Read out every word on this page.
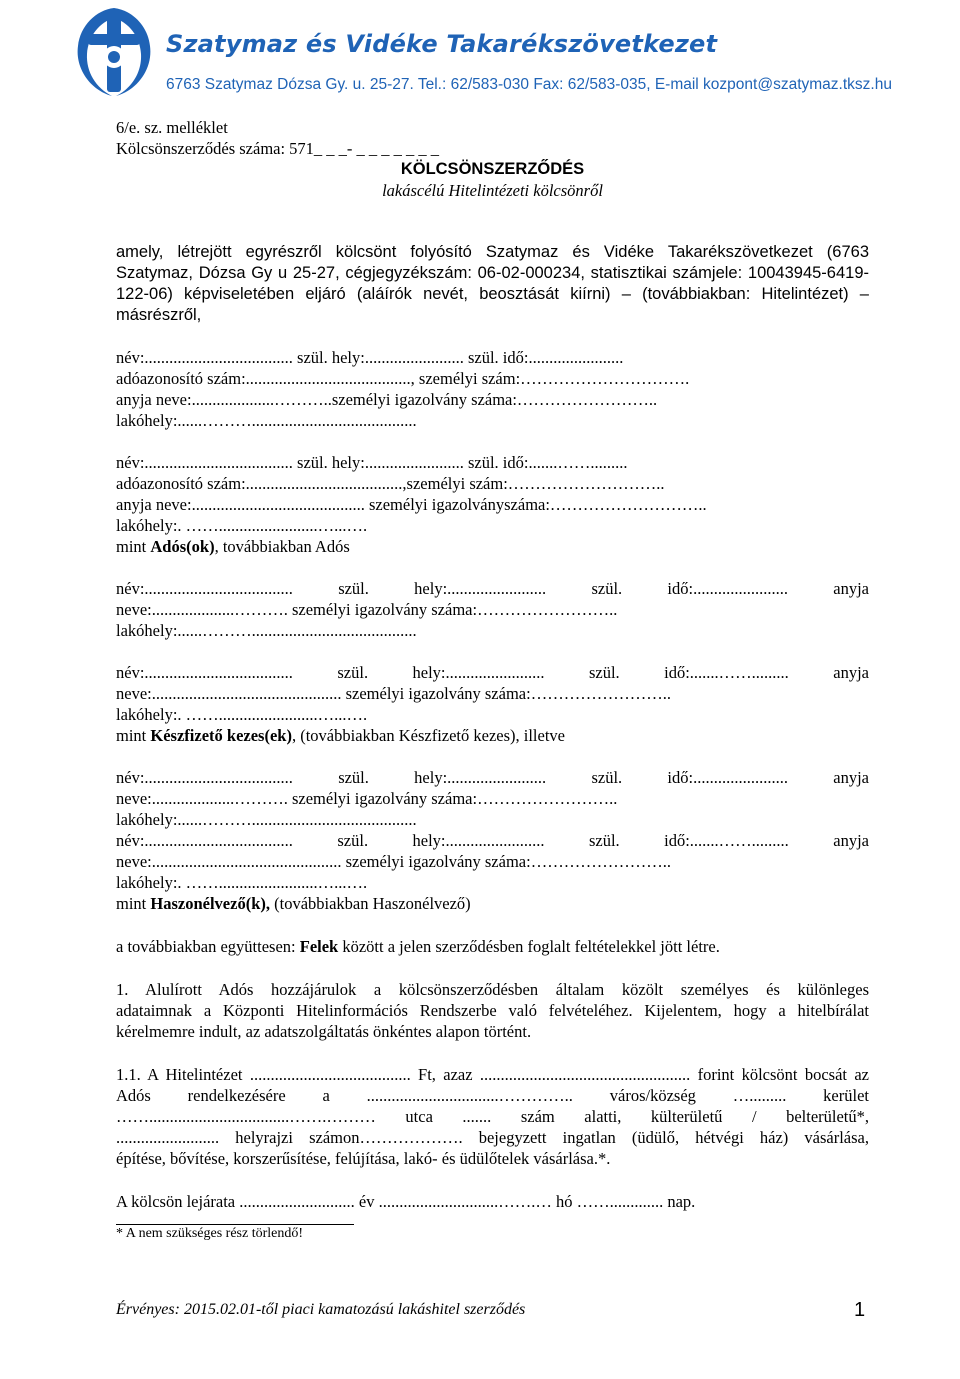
Szatymaz és Vidéke Takarékszövetkezet
6763 Szatymaz Dózsa Gy. u. 25-27. Tel.: 62/583-030 Fax: 62/583-035, E-mail kozpont@szatymaz.tksz.hu

6/e. sz. melléklet

Kölcsönszerződés száma: 571_ _ _- _ _ _ _ _ _ _

KÖLCSÖNSZERZŐDÉS

lakáscélú Hitelintézeti kölcsönről

amely, létrejött egyrészről kölcsönt folyósító Szatymaz és Vidéke Takarékszövetkezet (6763

Szatymaz, Dózsa Gy u 25-27, cégjegyzékszám: 06-02-000234, statisztikai számjele: 10043945-6419-

122-06) képviseletében eljáró (aláírók nevét, beosztását kiírni) – (továbbiakban: Hitelintézet) –

másrészről,

név:.................................... szül. hely:........................ szül. idő:.......................

adóazonosító szám:........................................, személyi szám:………………………….

anyja neve:....................………..személyi igazolvány száma:……………………..

lakóhely:......………........................................

név:.................................... szül. hely:........................ szül. idő:.......…….........

adóazonosító szám:......................................,személyi szám:………………………..

anyja neve:.......................................... személyi igazolványszáma:………………………..

lakóhely:. ……........................…...….

mint Adós(ok), továbbiakban Adós

név:.................................... szül. hely:........................ szül. idő:....................... anyja

neve:....................………. személyi igazolvány száma:……………………..

lakóhely:......………........................................

név:.................................... szül. hely:........................ szül. idő:.......……......... anyja

neve:.............................................. személyi igazolvány száma:……………………..

lakóhely:. ……........................…...….

mint Készfizető kezes(ek), (továbbiakban Készfizető kezes), illetve

név:.................................... szül. hely:........................ szül. idő:....................... anyja

neve:....................………. személyi igazolvány száma:……………………..

lakóhely:......………........................................

név:.................................... szül. hely:........................ szül. idő:.......……......... anyja

neve:.............................................. személyi igazolvány száma:……………………..

lakóhely:. ……........................…...….

mint Haszonélvező(k), (továbbiakban Haszonélvező)

a továbbiakban együttesen: Felek között a jelen szerződésben foglalt feltételekkel jött létre.

1. Alulírott Adós hozzájárulok a kölcsönszerződésben általam közölt személyes és különleges

adataimnak a Központi Hitelinformációs Rendszerbe való felvételéhez. Kijelentem, hogy a hitelbírálat

kérelmemre indult, az adatszolgáltatás önkéntes alapon történt.

1.1. A Hitelintézet ....................................... Ft, azaz ................................................... forint kölcsönt bocsát az

Adós rendelkezésére a ................................………….. város/község …......... kerület

……..................................…….……… utca ....... szám alatti, külterületű / belterületű*,

......................... helyrajzi számon………………. bejegyzett ingatlan (üdülő, hétvégi ház) vásárlása,

építése, bővítése, korszerűsítése, felújítása, lakó- és üdülőtelek vásárlása.*.

A kölcsön lejárata ............................ év .............................…….… hó ……............. nap.

* A nem szükséges rész törlendő!

Érvényes: 2015.02.01-től piaci kamatozású lakáshitel szerződés	1
